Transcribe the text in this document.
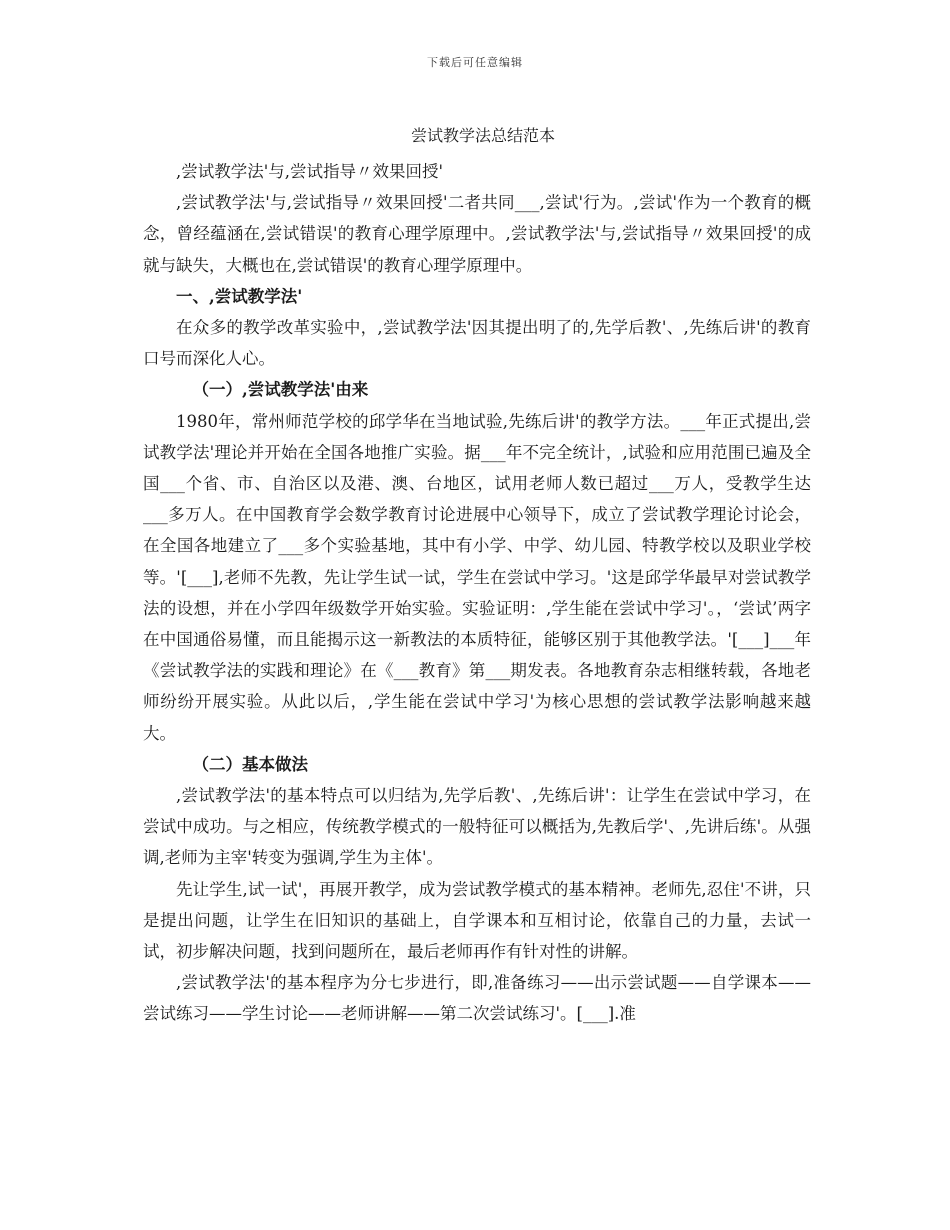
下载后可任意编辑
尝试教学法总结范本

,尝试教学法'与,尝试指导〃效果回授'

,尝试教学法'与,尝试指导〃效果回授'二者共同___,尝试'行为。,尝试'作为一个教育的概念，曾经蕴涵在,尝试错误'的教育心理学原理中。,尝试教学法'与,尝试指导〃效果回授'的成就与缺失，大概也在,尝试错误'的教育心理学原理中。

一、,尝试教学法'

在众多的教学改革实验中，,尝试教学法'因其提出明了的,先学后教'、,先练后讲'的教育口号而深化人心。

（一）,尝试教学法'由来

1980年，常州师范学校的邱学华在当地试验,先练后讲'的教学方法。___年正式提出,尝试教学法'理论并开始在全国各地推广实验。据___年不完全统计，,试验和应用范围已遍及全国___个省、市、自治区以及港、澳、台地区，试用老师人数已超过___万人，受教学生达___多万人。在中国教育学会数学教育讨论进展中心领导下，成立了尝试教学理论讨论会，在全国各地建立了___多个实验基地，其中有小学、中学、幼儿园、特教学校以及职业学校等。'[___],老师不先教，先让学生试一试，学生在尝试中学习。'这是邱学华最早对尝试教学法的设想，并在小学四年级数学开始实验。实验证明：,学生能在尝试中学习'。，‘尝试’两字在中国通俗易懂，而且能揭示这一新教法的本质特征，能够区别于其他教学法。'[___]___年《尝试教学法的实践和理论》在《___教育》第___期发表。各地教育杂志相继转载，各地老师纷纷开展实验。从此以后，,学生能在尝试中学习'为核心思想的尝试教学法影响越来越大。

（二）基本做法

,尝试教学法'的基本特点可以归结为,先学后教'、,先练后讲'：让学生在尝试中学习，在尝试中成功。与之相应，传统教学模式的一般特征可以概括为,先教后学'、,先讲后练'。从强调,老师为主宰'转变为强调,学生为主体'。

先让学生,试一试'，再展开教学，成为尝试教学模式的基本精神。老师先,忍住'不讲，只是提出问题，让学生在旧知识的基础上，自学课本和互相讨论，依靠自己的力量，去试一试，初步解决问题，找到问题所在，最后老师再作有针对性的讲解。

,尝试教学法'的基本程序为分七步进行，即,准备练习——出示尝试题——自学课本——尝试练习——学生讨论——老师讲解——第二次尝试练习'。[___].准
